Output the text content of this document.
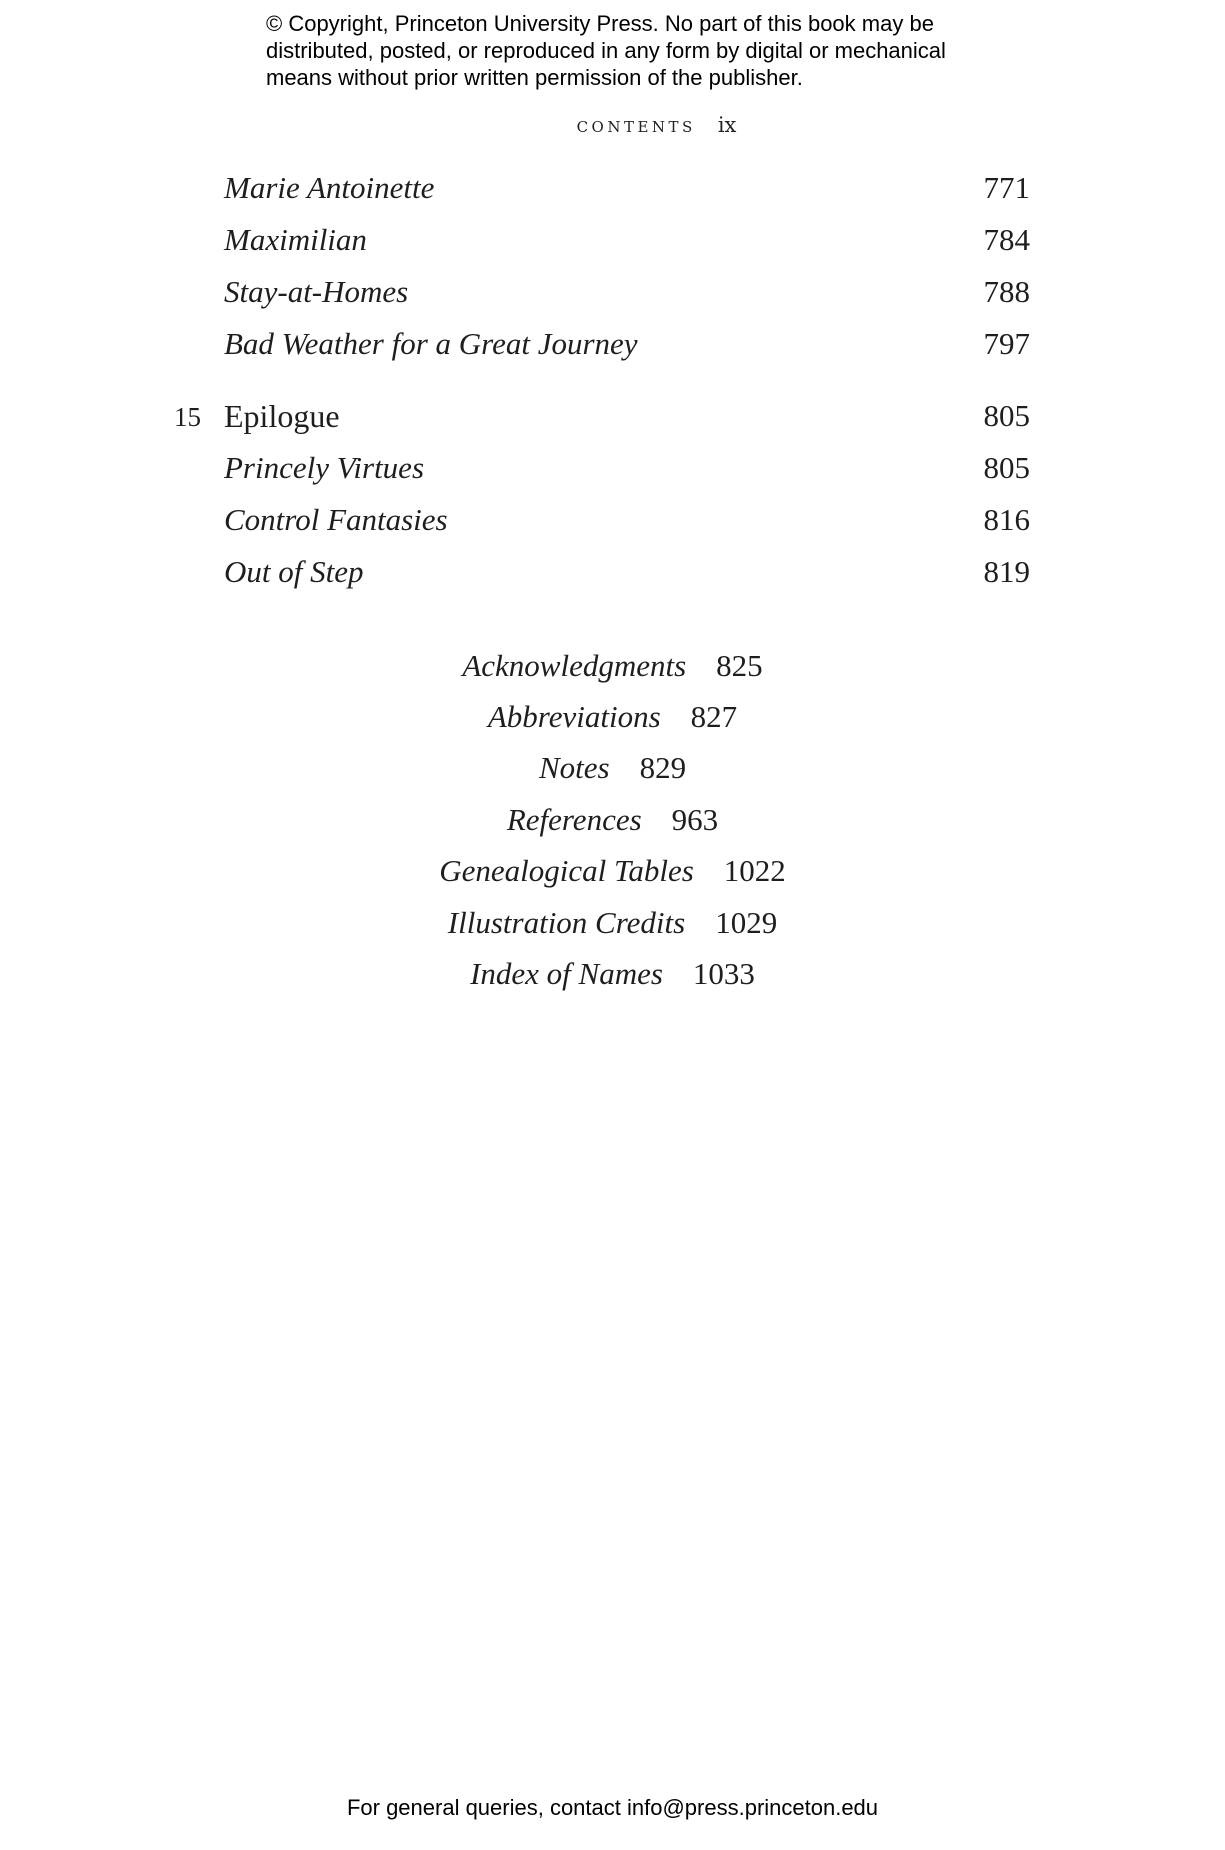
© Copyright, Princeton University Press. No part of this book may be
distributed, posted, or reproduced in any form by digital or mechanical
means without prior written permission of the publisher.
CONTENTS ix
Marie Antoinette	771
Maximilian	784
Stay-at-Homes	788
Bad Weather for a Great Journey	797
15 Epilogue	805
Princely Virtues	805
Control Fantasies	816
Out of Step	819
Acknowledgments 825
Abbreviations 827
Notes 829
References 963
Genealogical Tables 1022
Illustration Credits 1029
Index of Names 1033
For general queries, contact info@press.princeton.edu
